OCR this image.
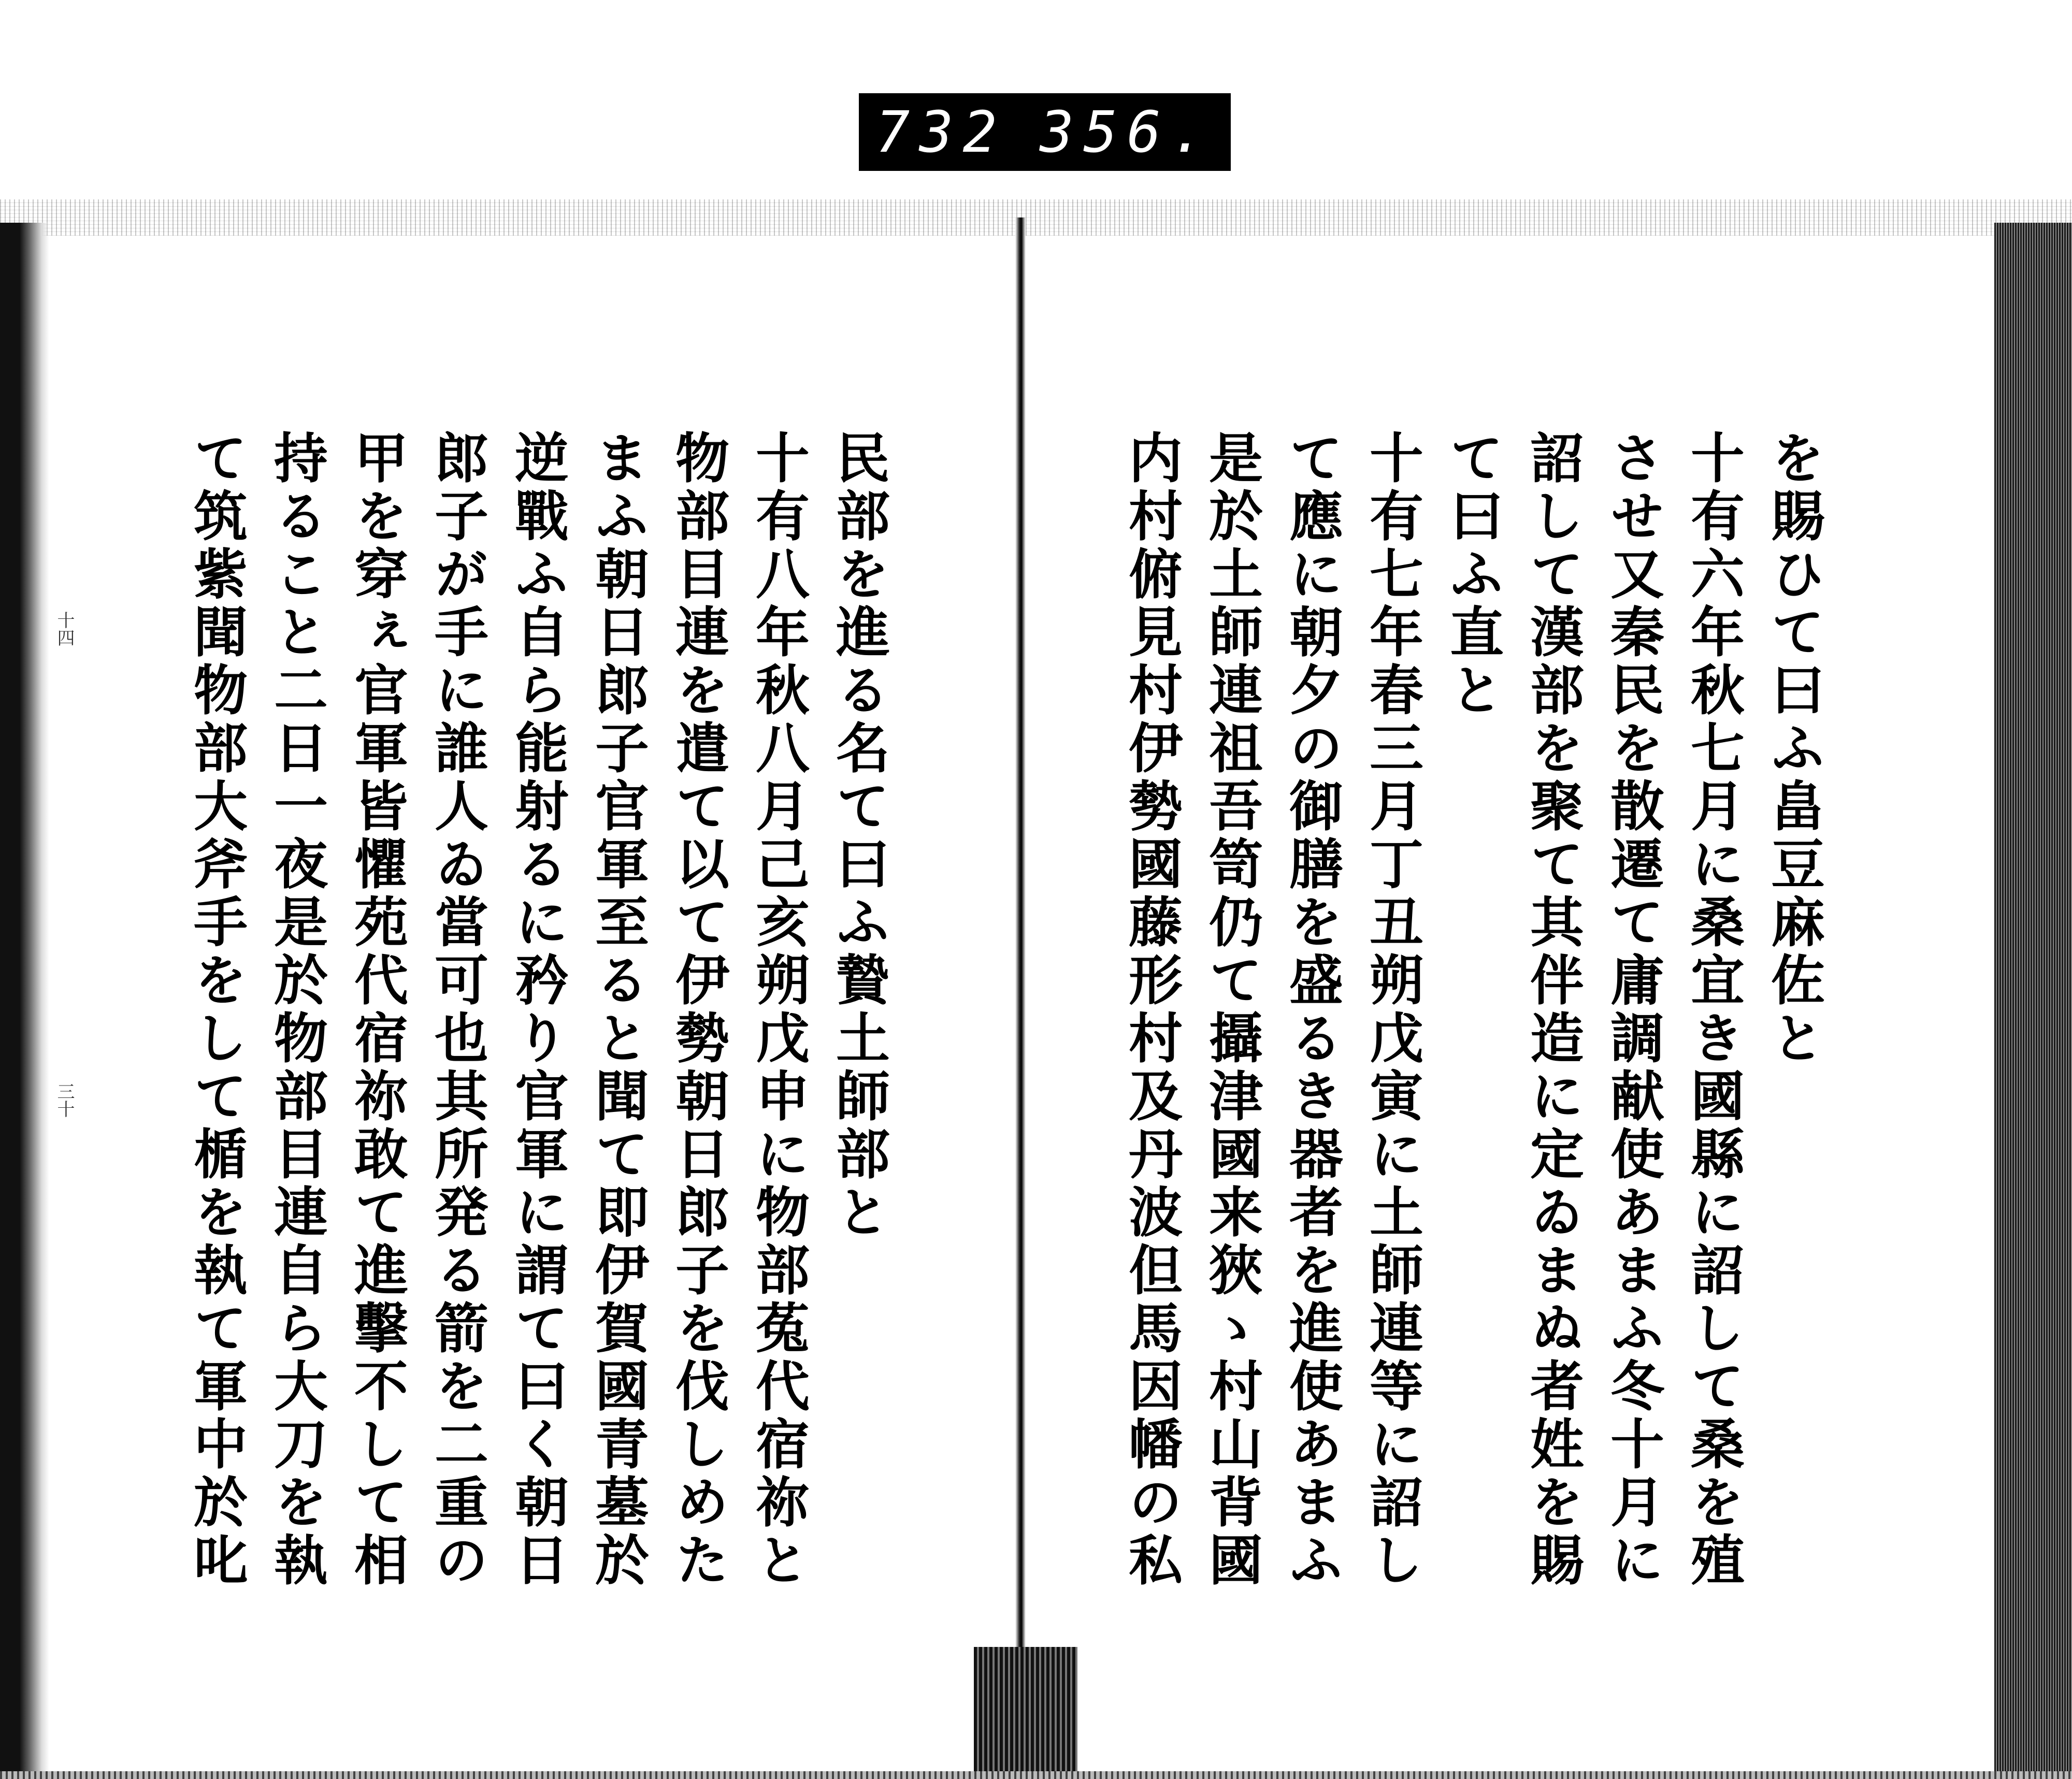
732 356.
民部を進る名て曰ふ贄土師部と
十有八年秋八月己亥朔戊申に物部菟代宿祢と
物部目連を遣て以て伊勢朝日郎子を伐しめた
まふ朝日郎子官軍至ると聞て即伊賀國青墓於
逆戰ふ自ら能射るに矜り官軍に謂て曰く朝日
郎子が手に誰人ゐ當可也其所発る箭を二重の
甲を穿ぇ官軍皆懼苑代宿祢敢て進擊不して相
持ること二日一夜是於物部目連自ら大刀を執
て筑紫聞物部大斧手をして楯を執て軍中於叱
十四
三十
を賜ひて曰ふ畠豆麻佐と
十有六年秋七月に桑宜き國縣に詔して桑を殖
させ又秦民を散遷て庸調献使あまふ冬十月に
詔して漢部を聚て其伴造に定ゐまぬ者姓を賜
て曰ふ直と
十有七年春三月丁丑朔戊寅に土師連等に詔し
て應に朝夕の御膳を盛るき器者を進使あまふ
是於土師連祖吾笥仍て攝津國来狹ゝ村山背國
内村俯見村伊勢國藤形村及丹波但馬因幡の私
